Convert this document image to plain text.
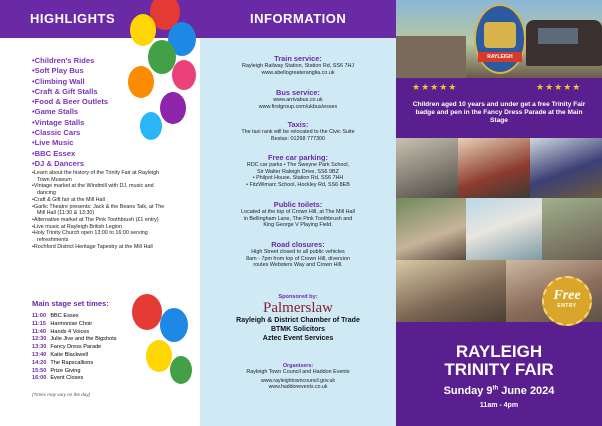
HIGHLIGHTS
• Children's Rides
• Soft Play Bus
• Climbing Wall
• Craft & Gift Stalls
• Food & Beer Outlets
• Game Stalls
• Vintage Stalls
• Classic Cars
• Live Music
• BBC Essex
• DJ & Dancers
• Learn about the history of the Trinity Fair at Rayleigh Town Museum
• Vintage market at the Windmill with DJ, music and dancing
• Craft & Gift fair at the Mill Hall
• Garlic Theatre presents: Jack & the Beans Talk, at The Mill Hall (11:30 & 13:30)
• Alternative market at The Pink Toothbrush (£1 entry)
• Live music at Rayleigh British Legion
• Holy Trinity Church open 13:00 to 16:00 serving refreshments
• Rochford District Heritage Tapestry at the Mill Hall
Main stage set times:
11:00	BBC Essex
11:15	Harmonise Choir
11:40	Hands 4 Voices
12:30	Julie Jive and the Bigshots
13:30	Fancy Dress Parade
13:40	Katie Blackwell
14:20	The Rapscallions
15:50	Prize Giving
16:00	Event Closes
(Times may vary on the day)
INFORMATION
Train service:
Rayleigh Railway Station, Station Rd, SS6 7HJ
www.abellogreateranglia.co.uk
Bus service:
www.arrivabus.co.uk
www.firstgroup.com/ukbus/essex
Taxis:
The taxi rank will be relocated to the Civic Suite
Bestax: 01268 777300
Free car parking:
RDC car parks • The Sweyne Park School,
Sir Walter Raleigh Drive, SS6 9BZ
• Philpot House, Station Rd, SS6 7HH
• FitzWimarc School, Hockley Rd, SS6 8EB
Public toilets:
Located at the top of Crown Hill, at The Mill Hall
in Bellingham Lane, The Pink Toothbrush and
King George V Playing Field.
Road closures:
High Street closed to all public vehicles
8am - 7pm from top of Crown Hill, diversion
routes Websters Way and Crown Hill.
Sponsored by:
Palmerslaw
Rayleigh & District Chamber of Trade
BTMK Solicitors
Aztec Event Services
Organisers:
Rayleigh Town Council and Haddon Events
www.rayleightowncouncil.gov.uk
www.haddonevents.co.uk
RAYLEIGH
★★★★★	★★★★★
Children aged 10 years and under get a free Trinity Fair badge and pen in the Fancy Dress Parade at the Main Stage
Free
ENTRY
RAYLEIGH
TRINITY FAIR
Sunday 9th June 2024
11am - 4pm
